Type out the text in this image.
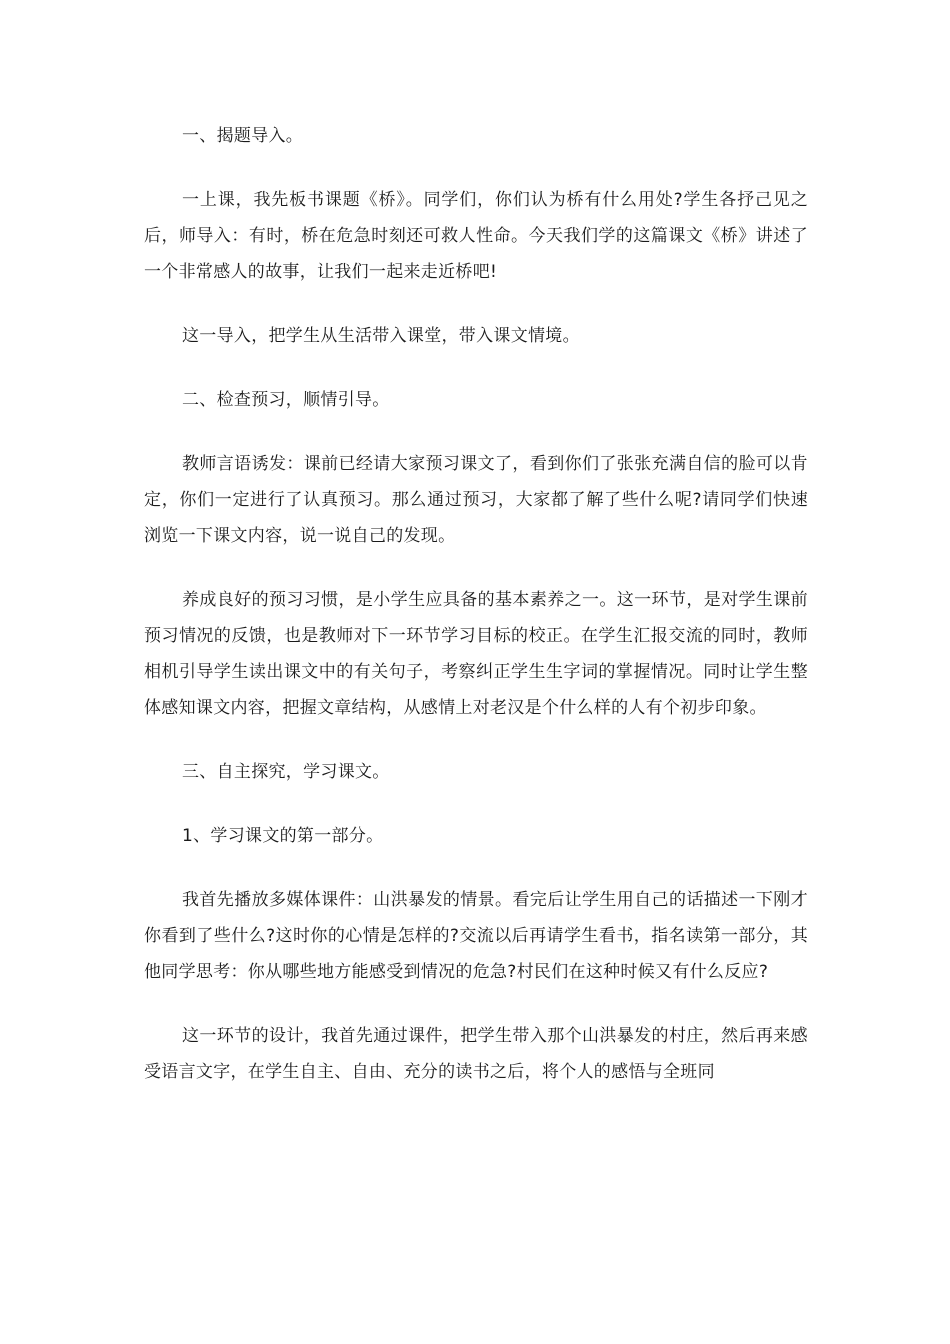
一、揭题导入。

一上课，我先板书课题《桥》。同学们，你们认为桥有什么用处?学生各抒己见之后，师导入：有时，桥在危急时刻还可救人性命。今天我们学的这篇课文《桥》讲述了一个非常感人的故事，让我们一起来走近桥吧!

这一导入，把学生从生活带入课堂，带入课文情境。

二、检查预习，顺情引导。

教师言语诱发：课前已经请大家预习课文了，看到你们了张张充满自信的脸可以肯定，你们一定进行了认真预习。那么通过预习，大家都了解了些什么呢?请同学们快速浏览一下课文内容，说一说自己的发现。

养成良好的预习习惯，是小学生应具备的基本素养之一。这一环节，是对学生课前预习情况的反馈，也是教师对下一环节学习目标的校正。在学生汇报交流的同时，教师相机引导学生读出课文中的有关句子，考察纠正学生生字词的掌握情况。同时让学生整体感知课文内容，把握文章结构，从感情上对老汉是个什么样的人有个初步印象。

三、自主探究，学习课文。

1、学习课文的第一部分。

我首先播放多媒体课件：山洪暴发的情景。看完后让学生用自己的话描述一下刚才你看到了些什么?这时你的心情是怎样的?交流以后再请学生看书，指名读第一部分，其他同学思考：你从哪些地方能感受到情况的危急?村民们在这种时候又有什么反应?

这一环节的设计，我首先通过课件，把学生带入那个山洪暴发的村庄，然后再来感受语言文字，在学生自主、自由、充分的读书之后，将个人的感悟与全班同
